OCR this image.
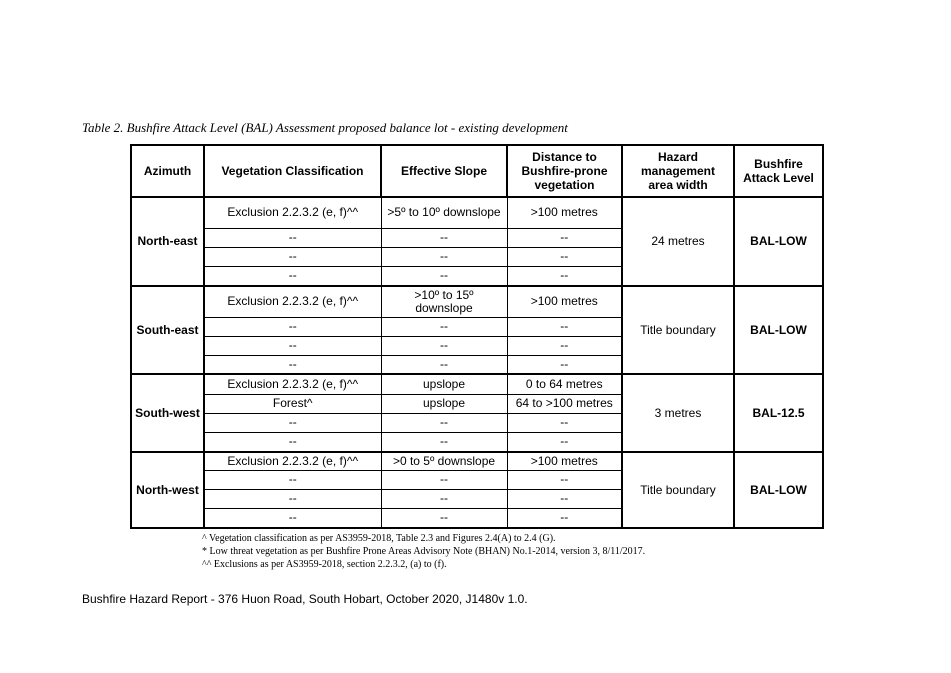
Table 2. Bushfire Attack Level (BAL) Assessment proposed balance lot - existing development
Azimuth	Vegetation Classification	Effective Slope	Distance to Bushfire-prone vegetation	Hazard management area width	Bushfire Attack Level
North-east	Exclusion 2.2.3.2 (e, f)^^	>5º to 10º downslope	>100 metres	24 metres	BAL-LOW
	--	--	--		
	--	--	--		
	--	--	--		
South-east	Exclusion 2.2.3.2 (e, f)^^	>10º to 15º downslope	>100 metres	Title boundary	BAL-LOW
	--	--	--		
	--	--	--		
	--	--	--		
South-west	Exclusion 2.2.3.2 (e, f)^^	upslope	0 to 64 metres	3 metres	BAL-12.5
	Forest^	upslope	64 to >100 metres		
	--	--	--		
	--	--	--		
North-west	Exclusion 2.2.3.2 (e, f)^^	>0 to 5º downslope	>100 metres	Title boundary	BAL-LOW
	--	--	--		
	--	--	--		
	--	--	--		
^ Vegetation classification as per AS3959-2018, Table 2.3 and Figures 2.4(A) to 2.4 (G).
* Low threat vegetation as per Bushfire Prone Areas Advisory Note (BHAN) No.1-2014, version 3, 8/11/2017.
^^ Exclusions as per AS3959-2018, section 2.2.3.2, (a) to (f).
Bushfire Hazard Report - 376 Huon Road, South Hobart, October 2020, J1480v 1.0.
